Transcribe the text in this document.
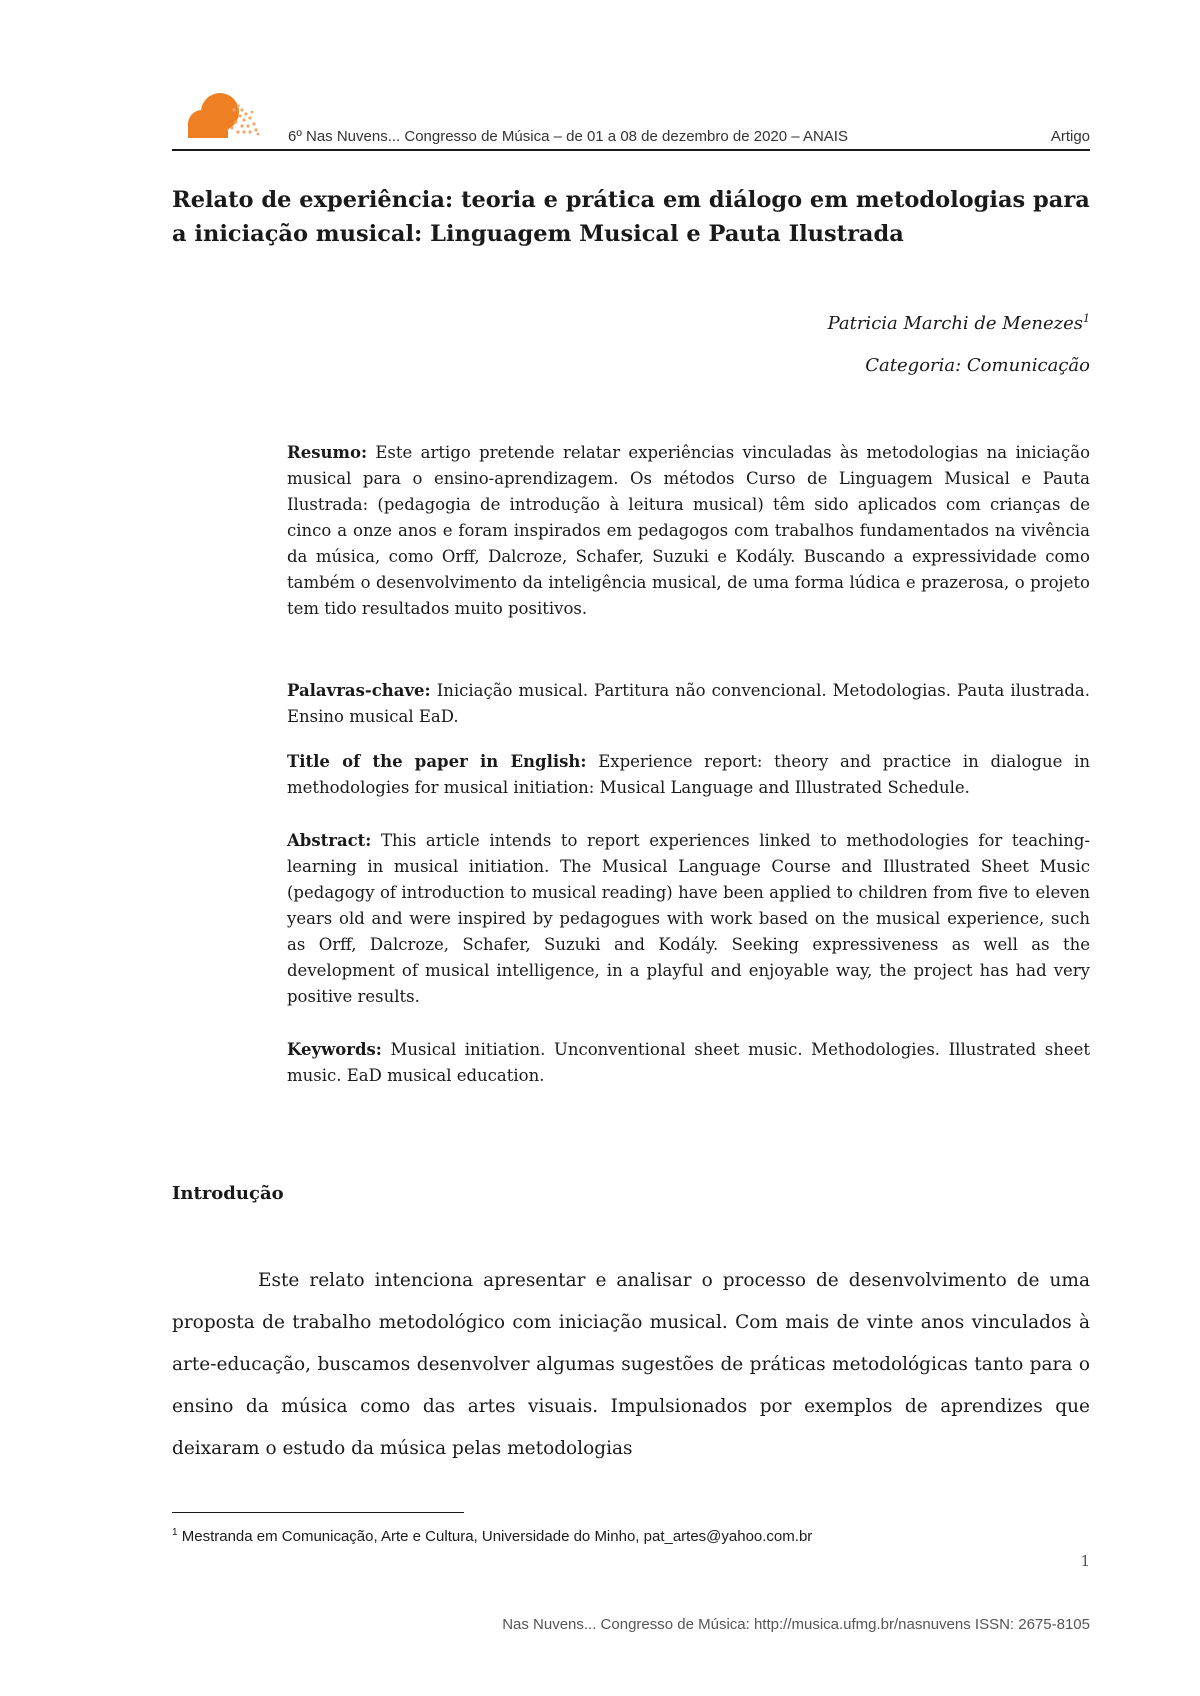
6º Nas Nuvens... Congresso de Música – de 01 a 08 de dezembro de 2020 – ANAIS	Artigo
Relato de experiência: teoria e prática em diálogo em metodologias para a iniciação musical: Linguagem Musical e Pauta Ilustrada
Patricia Marchi de Menezes$^1$
Categoria: Comunicação

Resumo: Este artigo pretende relatar experiências vinculadas às metodologias na iniciação musical para o ensino-aprendizagem. Os métodos Curso de Linguagem Musical e Pauta Ilustrada: (pedagogia de introdução à leitura musical) têm sido aplicados com crianças de cinco a onze anos e foram inspirados em pedagogos com trabalhos fundamentados na vivência da música, como Orff, Dalcroze, Schafer, Suzuki e Kodály. Buscando a expressividade como também o desenvolvimento da inteligência musical, de uma forma lúdica e prazerosa, o projeto tem tido resultados muito positivos.

Palavras-chave: Iniciação musical. Partitura não convencional. Metodologias. Pauta ilustrada. Ensino musical EaD.

Title of the paper in English: Experience report: theory and practice in dialogue in methodologies for musical initiation: Musical Language and Illustrated Schedule.

Abstract: This article intends to report experiences linked to methodologies for teaching-learning in musical initiation. The Musical Language Course and Illustrated Sheet Music (pedagogy of introduction to musical reading) have been applied to children from five to eleven years old and were inspired by pedagogues with work based on the musical experience, such as Orff, Dalcroze, Schafer, Suzuki and Kodály. Seeking expressiveness as well as the development of musical intelligence, in a playful and enjoyable way, the project has had very positive results.

Keywords: Musical initiation. Unconventional sheet music. Methodologies. Illustrated sheet music. EaD musical education.

Introdução

Este relato intenciona apresentar e analisar o processo de desenvolvimento de uma proposta de trabalho metodológico com iniciação musical. Com mais de vinte anos vinculados à arte-educação, buscamos desenvolver algumas sugestões de práticas metodológicas tanto para o ensino da música como das artes visuais. Impulsionados por exemplos de aprendizes que deixaram o estudo da música pelas metodologias

$^1$ Mestranda em Comunicação, Arte e Cultura, Universidade do Minho, pat_artes@yahoo.com.br
1
Nas Nuvens... Congresso de Música: http://musica.ufmg.br/nasnuvens ISSN: 2675-8105
